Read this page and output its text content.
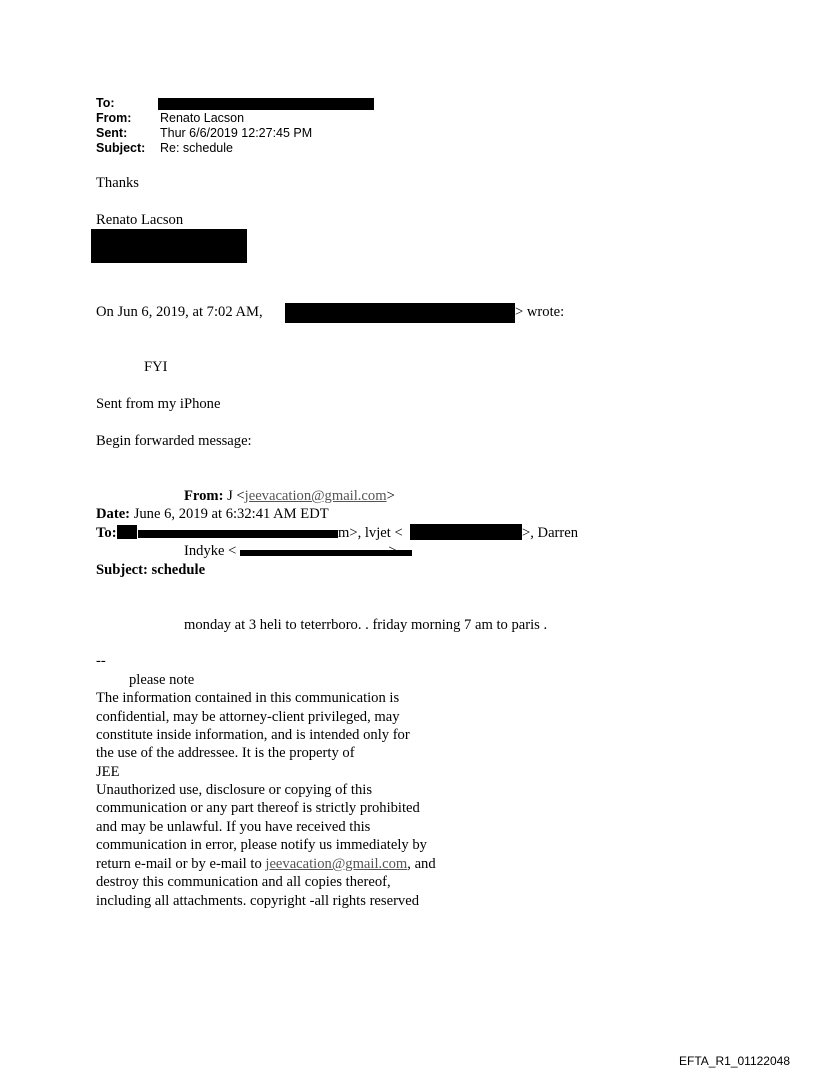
To:
From: Renato Lacson
Sent:	Thur 6/6/2019 12:27:45 PM
Subject: Re: schedule
Thanks
Renato Lacson
On Jun 6, 2019, at 7:02 AM,	> wrote:
FYI
Sent from my iPhone
Begin forwarded message:
From: J <jeevacation@gmail.com>
Date: June 6, 2019 at 6:32:41 AM EDT
To:	m>, lvjet <	>, Darren
Indyke <
Subject: schedule
monday at 3 heli to teterrboro. . friday morning 7 am to paris .
--
please note
The information contained in this communication is
confidential, may be attorney-client privileged, may
constitute inside information, and is intended only for
the use of the addressee. It is the property of
JEE
Unauthorized use, disclosure or copying of this
communication or any part thereof is strictly prohibited
and may be unlawful. If you have received this
communication in error, please notify us immediately by
return e-mail or by e-mail to jeevacation@gmail.com, and
destroy this communication and all copies thereof,
including all attachments. copyright -all rights reserved
EFTA_R1_01122048
